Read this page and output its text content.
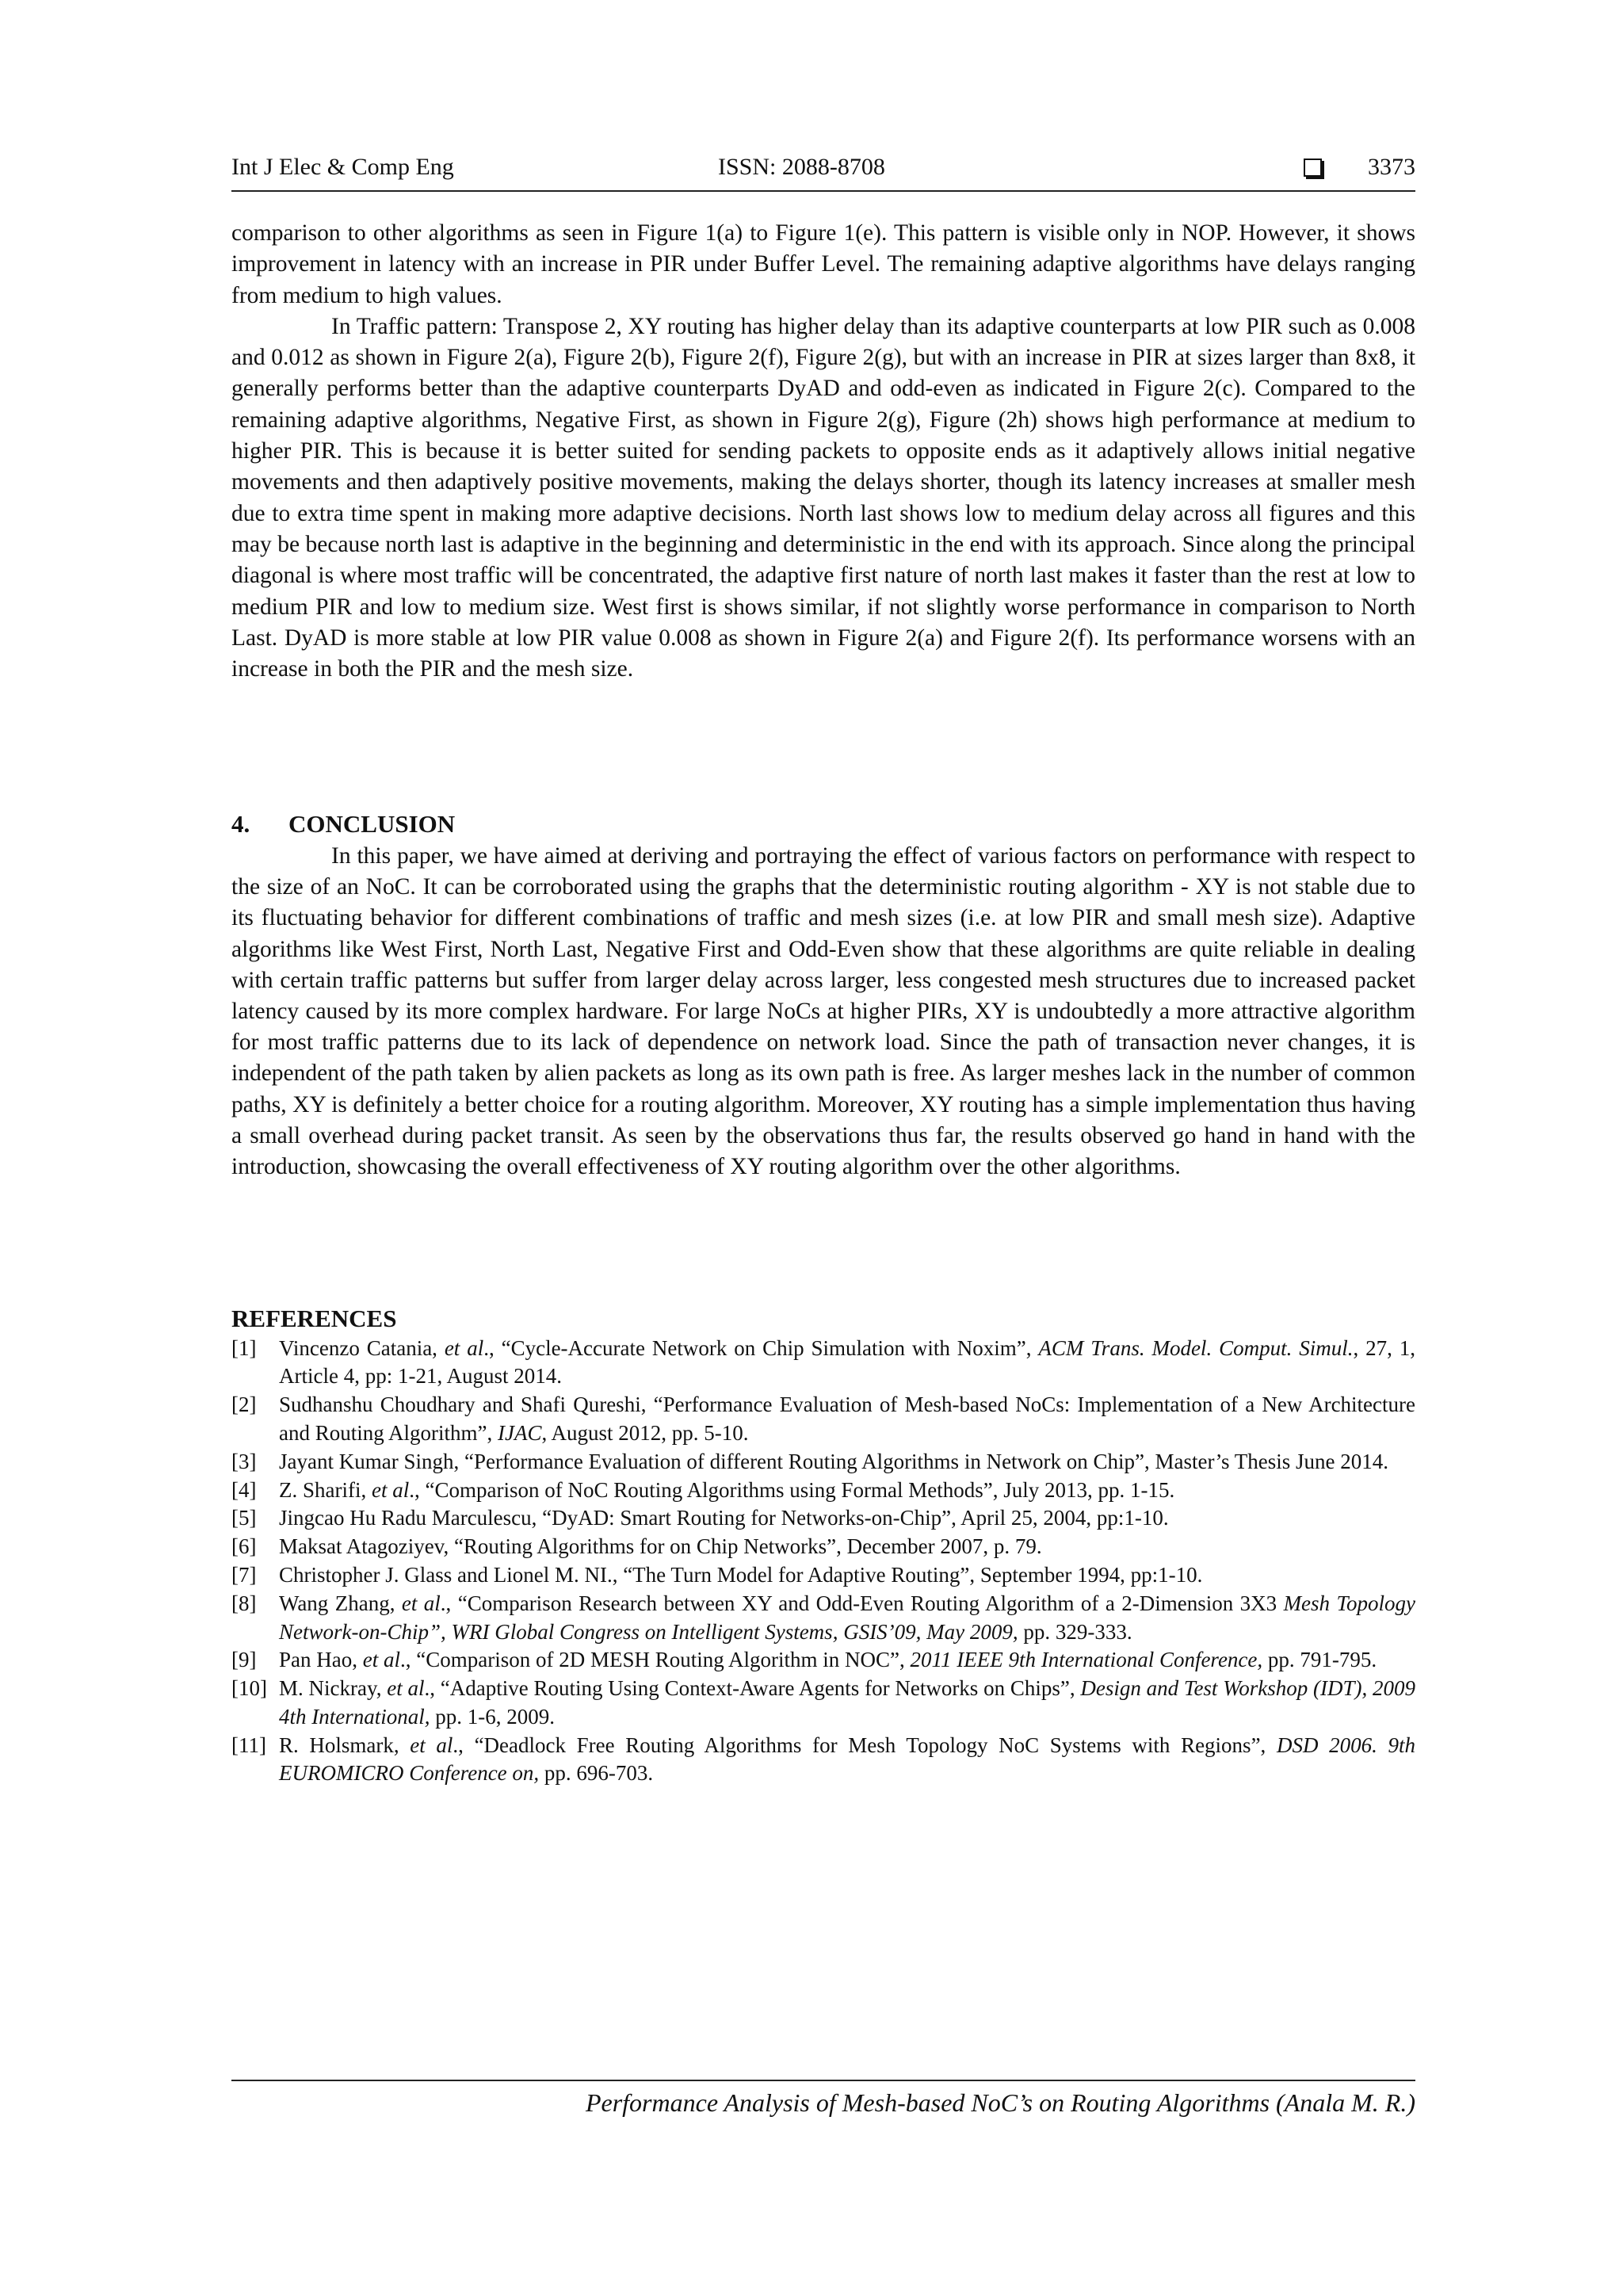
Int J Elec & Comp Eng	ISSN: 2088-8708	3373

comparison to other algorithms as seen in Figure 1(a) to Figure 1(e). This pattern is visible only in NOP. However, it shows improvement in latency with an increase in PIR under Buffer Level. The remaining adaptive algorithms have delays ranging from medium to high values.

In Traffic pattern: Transpose 2, XY routing has higher delay than its adaptive counterparts at low PIR such as 0.008 and 0.012 as shown in Figure 2(a), Figure 2(b), Figure 2(f), Figure 2(g), but with an increase in PIR at sizes larger than 8x8, it generally performs better than the adaptive counterparts DyAD and odd-even as indicated in Figure 2(c). Compared to the remaining adaptive algorithms, Negative First, as shown in Figure 2(g), Figure (2h) shows high performance at medium to higher PIR. This is because it is better suited for sending packets to opposite ends as it adaptively allows initial negative movements and then adaptively positive movements, making the delays shorter, though its latency increases at smaller mesh due to extra time spent in making more adaptive decisions. North last shows low to medium delay across all figures and this may be because north last is adaptive in the beginning and deterministic in the end with its approach. Since along the principal diagonal is where most traffic will be concentrated, the adaptive first nature of north last makes it faster than the rest at low to medium PIR and low to medium size. West first is shows similar, if not slightly worse performance in comparison to North Last. DyAD is more stable at low PIR value 0.008 as shown in Figure 2(a) and Figure 2(f). Its performance worsens with an increase in both the PIR and the mesh size.

4. CONCLUSION

In this paper, we have aimed at deriving and portraying the effect of various factors on performance with respect to the size of an NoC. It can be corroborated using the graphs that the deterministic routing algorithm - XY is not stable due to its fluctuating behavior for different combinations of traffic and mesh sizes (i.e. at low PIR and small mesh size). Adaptive algorithms like West First, North Last, Negative First and Odd-Even show that these algorithms are quite reliable in dealing with certain traffic patterns but suffer from larger delay across larger, less congested mesh structures due to increased packet latency caused by its more complex hardware. For large NoCs at higher PIRs, XY is undoubtedly a more attractive algorithm for most traffic patterns due to its lack of dependence on network load. Since the path of transaction never changes, it is independent of the path taken by alien packets as long as its own path is free. As larger meshes lack in the number of common paths, XY is definitely a better choice for a routing algorithm. Moreover, XY routing has a simple implementation thus having a small overhead during packet transit. As seen by the observations thus far, the results observed go hand in hand with the introduction, showcasing the overall effectiveness of XY routing algorithm over the other algorithms.

REFERENCES
[1]	Vincenzo Catania, et al., “Cycle-Accurate Network on Chip Simulation with Noxim”, ACM Trans. Model. Comput. Simul., 27, 1, Article 4, pp: 1-21, August 2014.
[2]	Sudhanshu Choudhary and Shafi Qureshi, “Performance Evaluation of Mesh-based NoCs: Implementation of a New Architecture and Routing Algorithm”, IJAC, August 2012, pp. 5-10.
[3]	Jayant Kumar Singh, “Performance Evaluation of different Routing Algorithms in Network on Chip”, Master’s Thesis June 2014.
[4]	Z. Sharifi, et al., “Comparison of NoC Routing Algorithms using Formal Methods”, July 2013, pp. 1-15.
[5]	Jingcao Hu Radu Marculescu, “DyAD: Smart Routing for Networks-on-Chip”, April 25, 2004, pp:1-10.
[6]	Maksat Atagoziyev, “Routing Algorithms for on Chip Networks”, December 2007, p. 79.
[7]	Christopher J. Glass and Lionel M. NI., “The Turn Model for Adaptive Routing”, September 1994, pp:1-10.
[8]	Wang Zhang, et al., “Comparison Research between XY and Odd-Even Routing Algorithm of a 2-Dimension 3X3 Mesh Topology Network-on-Chip”, WRI Global Congress on Intelligent Systems, GSIS’09, May 2009, pp. 329-333.
[9]	Pan Hao, et al., “Comparison of 2D MESH Routing Algorithm in NOC”, 2011 IEEE 9th International Conference, pp. 791-795.
[10] M. Nickray, et al., “Adaptive Routing Using Context-Aware Agents for Networks on Chips”, Design and Test Workshop (IDT), 2009 4th International, pp. 1-6, 2009.
[11] R. Holsmark, et al., “Deadlock Free Routing Algorithms for Mesh Topology NoC Systems with Regions”, DSD 2006. 9th EUROMICRO Conference on, pp. 696-703.
Performance Analysis of Mesh-based NoC’s on Routing Algorithms (Anala M. R.)
